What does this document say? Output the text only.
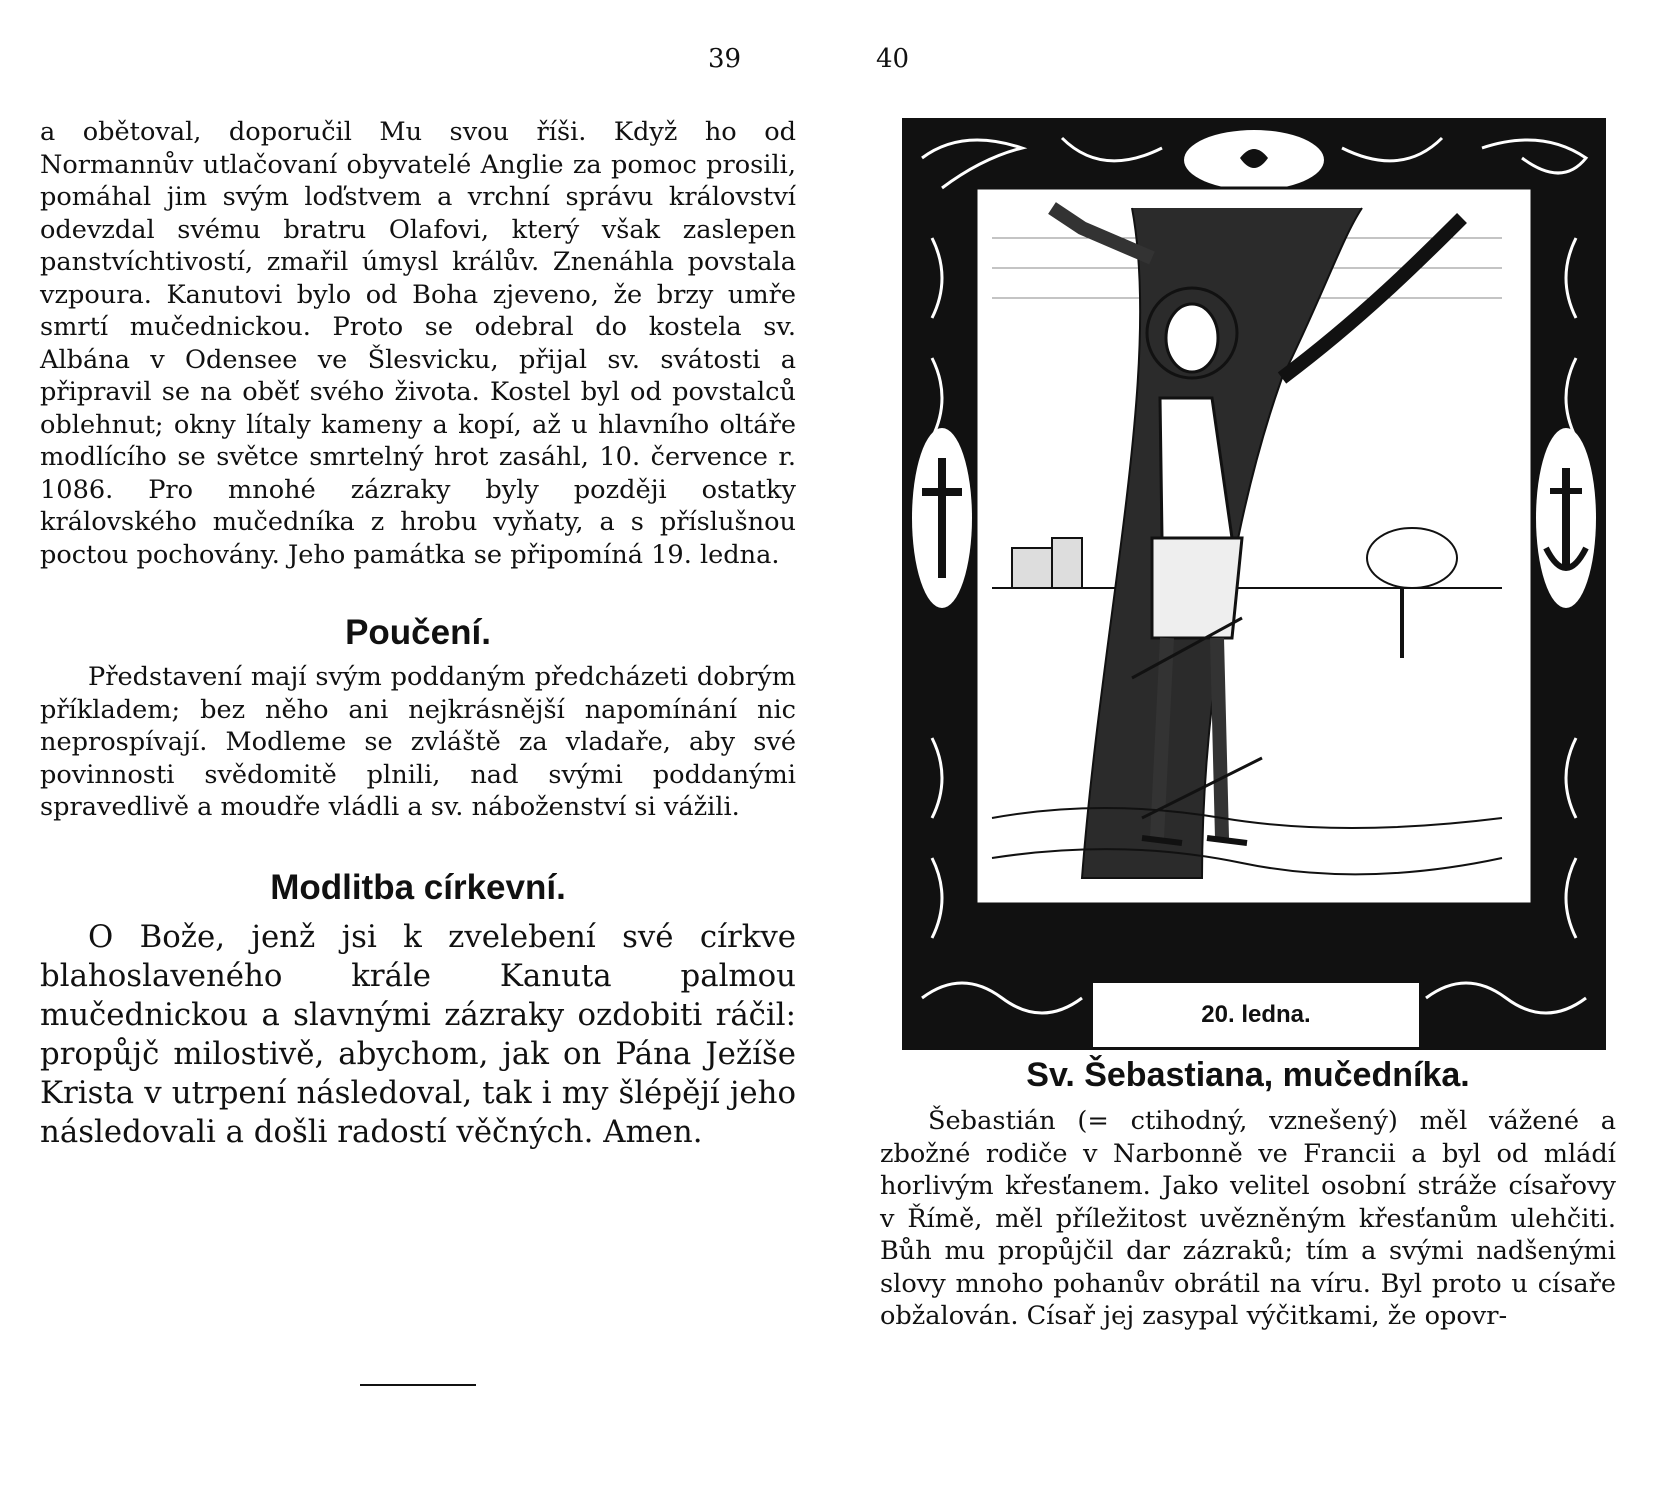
39

a obětoval, doporučil Mu svou říši. Když ho od Normannův utlačovaní obyvatelé Anglie za pomoc prosili, pomáhal jim svým loďstvem a vrchní správu království odevzdal svému bratru Olafovi, který však zaslepen panstvíchtivostí, zmařil úmysl králův. Znenáhla povstala vzpoura. Kanutovi bylo od Boha zjeveno, že brzy umře smrtí mučednickou. Proto se odebral do kostela sv. Albána v Odensee ve Šlesvicku, přijal sv. svátosti a připravil se na oběť svého života. Kostel byl od povstalců oblehnut; okny lítaly kameny a kopí, až u hlavního oltáře modlícího se světce smrtelný hrot zasáhl, 10. července r. 1086. Pro mnohé zázraky byly později ostatky královského mučedníka z hrobu vyňaty, a s příslušnou poctou pochovány. Jeho památka se připomíná 19. ledna.

Poučení.

Představení mají svým poddaným předcházeti dobrým příkladem; bez něho ani nejkrásnější napomínání nic neprospívají. Modleme se zvláště za vladaře, aby své povinnosti svědomitě plnili, nad svými poddanými spravedlivě a moudře vládli a sv. náboženství si vážili.

Modlitba církevní.

O Bože, jenž jsi k zvelebení své církve blahoslaveného krále Kanuta palmou mučednickou a slavnými zázraky ozdobiti ráčil: propůjč milostivě, abychom, jak on Pána Ježíše Krista v utrpení následoval, tak i my šlépějí jeho následovali a došli radostí věčných. Amen.

40
20. ledna.
Sv. Šebastiana, mučedníka.

Šebastián (= ctihodný, vznešený) měl vážené a zbožné rodiče v Narbonně ve Francii a byl od mládí horlivým křesťanem. Jako velitel osobní stráže císařovy v Římě, měl příležitost uvězněným křesťanům ulehčiti. Bůh mu propůjčil dar zázraků; tím a svými nadšenými slovy mnoho pohanův obrátil na víru. Byl proto u císaře obžalován. Císař jej zasypal výčitkami, že opovr-
